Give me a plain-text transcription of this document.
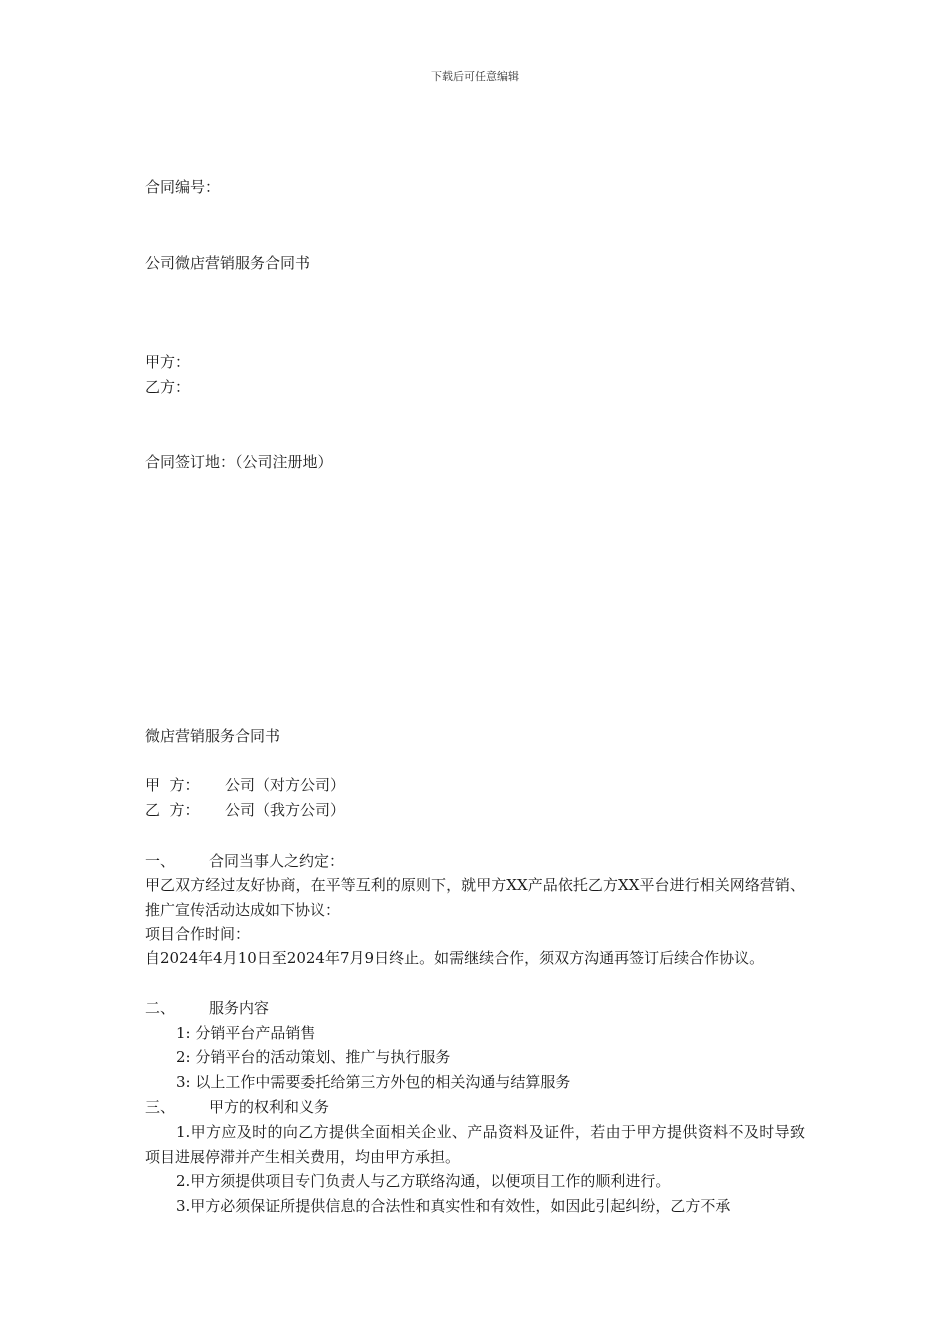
下载后可任意编辑
合同编号：
公司微店营销服务合同书
甲方：
乙方：
合同签订地：（公司注册地）
微店营销服务合同书
甲  方： 公司（对方公司）
乙  方： 公司（我方公司）
一、 合同当事人之约定：
甲乙双方经过友好协商，在平等互利的原则下，就甲方XX产品依托乙方XX平台进行相关网络营销、推广宣传活动达成如下协议：
项目合作时间：
自2024年4月10日至2024年7月9日终止。如需继续合作，须双方沟通再签订后续合作协议。
二、 服务内容
1: 分销平台产品销售
2: 分销平台的活动策划、推广与执行服务
3: 以上工作中需要委托给第三方外包的相关沟通与结算服务
三、 甲方的权利和义务
1.甲方应及时的向乙方提供全面相关企业、产品资料及证件，若由于甲方提供资料不及时导致项目进展停滞并产生相关费用，均由甲方承担。
2.甲方须提供项目专门负责人与乙方联络沟通，以便项目工作的顺利进行。
3.甲方必须保证所提供信息的合法性和真实性和有效性，如因此引起纠纷，乙方不承
